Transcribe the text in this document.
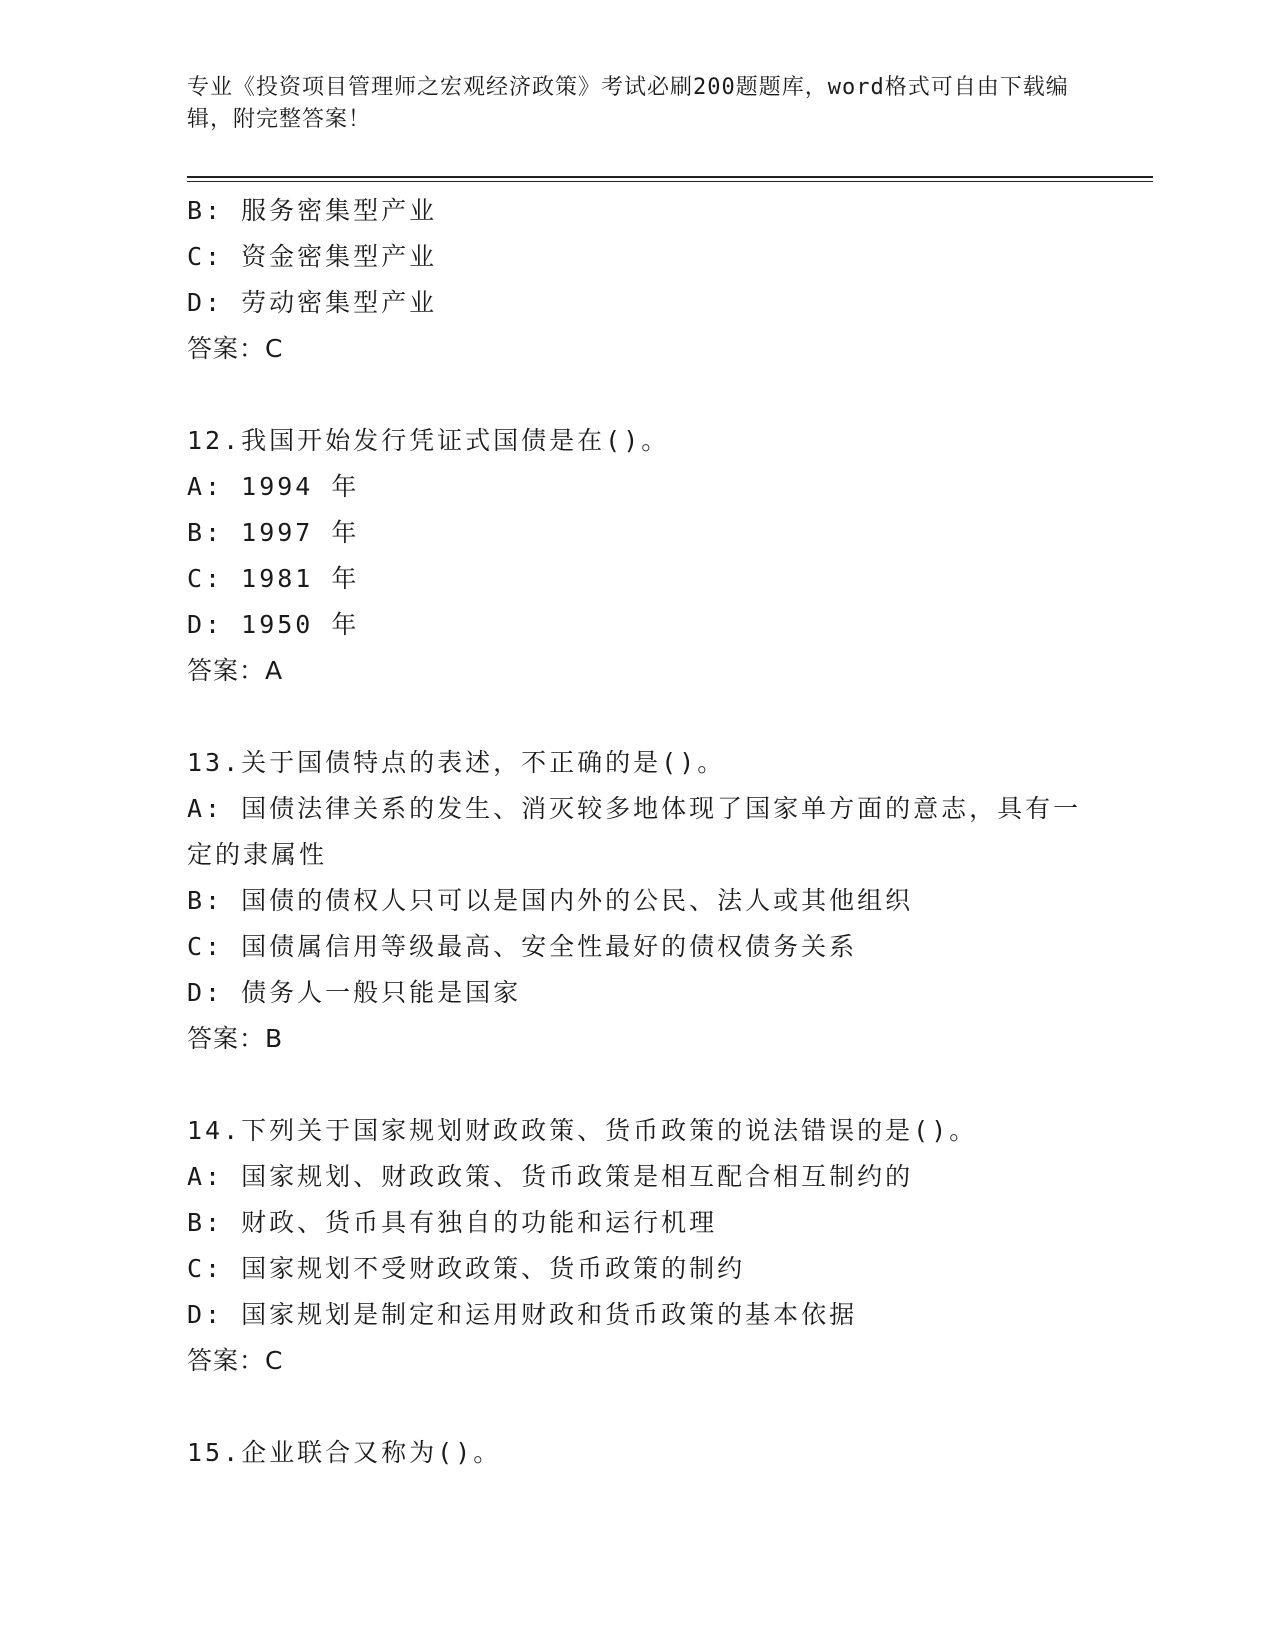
专业《投资项目管理师之宏观经济政策》考试必刷200题题库，word格式可自由下载编辑，附完整答案！
B: 服务密集型产业
C: 资金密集型产业
D: 劳动密集型产业
答案：C
12.我国开始发行凭证式国债是在()。
A: 1994 年
B: 1997 年
C: 1981 年
D: 1950 年
答案：A
13.关于国债特点的表述，不正确的是()。
A: 国债法律关系的发生、消灭较多地体现了国家单方面的意志，具有一定的隶属性
B: 国债的债权人只可以是国内外的公民、法人或其他组织
C: 国债属信用等级最高、安全性最好的债权债务关系
D: 债务人一般只能是国家
答案：B
14.下列关于国家规划财政政策、货币政策的说法错误的是()。
A: 国家规划、财政政策、货币政策是相互配合相互制约的
B: 财政、货币具有独自的功能和运行机理
C: 国家规划不受财政政策、货币政策的制约
D: 国家规划是制定和运用财政和货币政策的基本依据
答案：C
15.企业联合又称为()。
